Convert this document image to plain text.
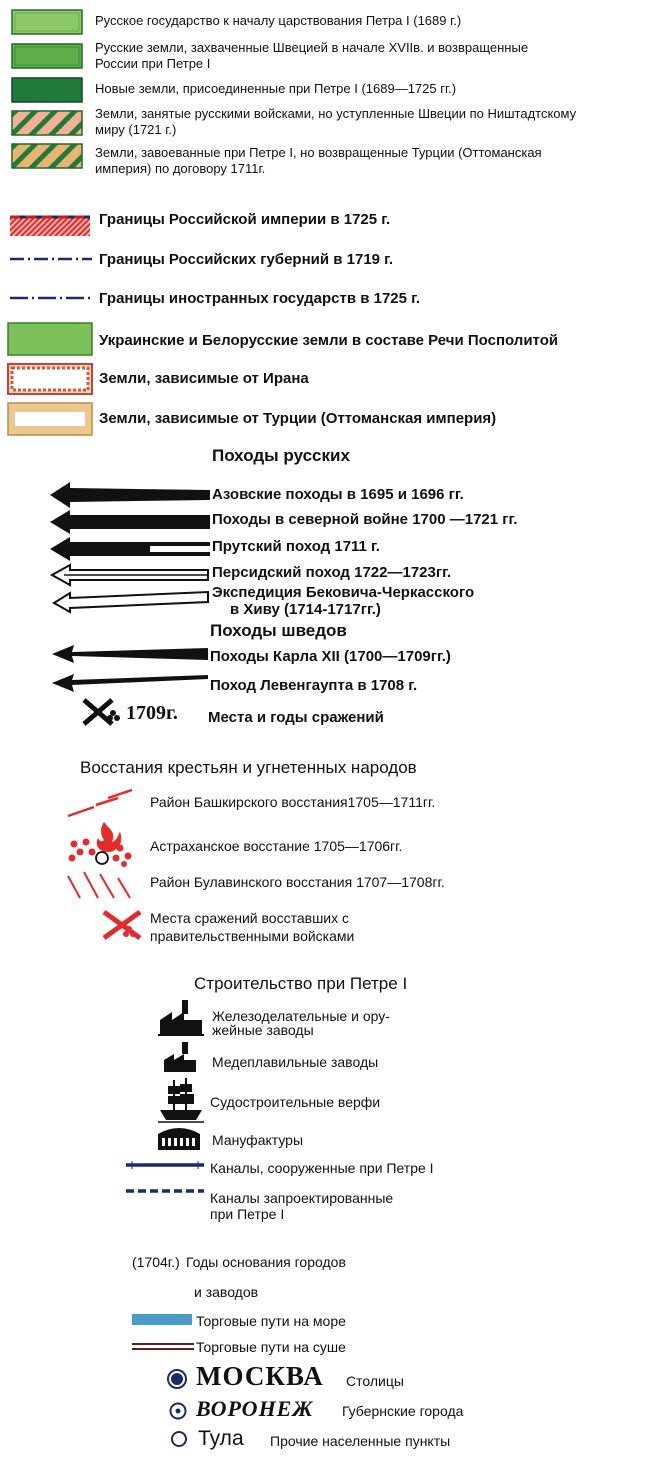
Русское государство к началу царствования Петра I (1689 г.)
Русские земли, захваченные Швецией в начале XVIIв. и возвращенные
России при Петре I
Новые земли, присоединенные при Петре I (1689—1725 гг.)
Земли, занятые русскими войсками, но уступленные Швеции по Ништадтскому
миру (1721 г.)
Земли, завоеванные при Петре I, но возвращенные Турции (Оттоманская
империя) по договору 1711г.
Границы Российской империи в 1725 г.
Границы Российских губерний в 1719 г.
Границы иностранных государств в 1725 г.
Украинские и Белорусские земли в составе Речи Посполитой
Земли, зависимые от Ирана
Земли, зависимые от Турции (Оттоманская империя)
Походы русских
Азовские походы в 1695 и 1696 гг.
Походы в северной войне 1700 —1721 гг.
Прутский поход 1711 г.
Персидский поход 1722—1723гг.
Экспедиция Бековича-Черкасского
в Хиву (1714-1717гг.)
Походы шведов
Походы Карла XII (1700—1709гг.)
Поход Левенгаупта в 1708 г.
1709г. Места и годы сражений
Восстания крестьян и угнетенных народов
Район Башкирского восстания1705—1711гг.
Астраханское восстание 1705—1706гг.
Район Булавинского восстания 1707—1708гг.
Места сражений восставших с
правительственными войсками
Строительство при Петре I
Железоделательные и ору-
жейные заводы
Медеплавильные заводы
Судостроительные верфи
Мануфактуры
Каналы, сооруженные при Петре I
Каналы запроектированные
при Петре I
(1704г.) Годы основания городов
и заводов
Торговые пути на море
Торговые пути на суше
МОСКВА Столицы
ВОРОНЕЖ Губернские города
Тула Прочие населенные пункты
